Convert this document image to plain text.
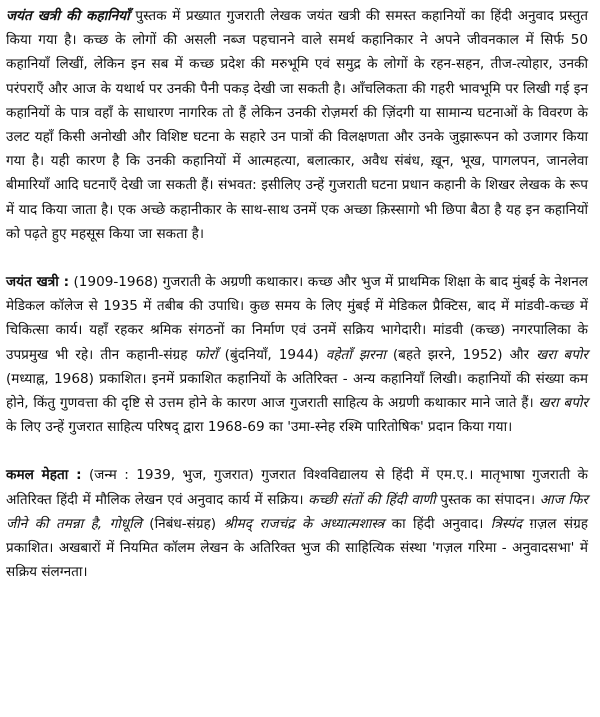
जयंत खत्री की कहानियाँ पुस्तक में प्रख्यात गुजराती लेखक जयंत खत्री की समस्त कहानियों का हिंदी अनुवाद प्रस्तुत किया गया है। कच्छ के लोगों की असली नब्ज पहचानने वाले समर्थ कहानिकार ने अपने जीवनकाल में सिर्फ 50 कहानियाँ लिखीं, लेकिन इन सब में कच्छ प्रदेश की मरुभूमि एवं समुद्र के लोगों के रहन-सहन, तीज-त्योहार, उनकी परंपराएँ और आज के यथार्थ पर उनकी पैनी पकड़ देखी जा सकती है। आँचलिकता की गहरी भावभूमि पर लिखी गई इन कहानियों के पात्र वहाँ के साधारण नागरिक तो हैं लेकिन उनकी रोज़मर्रा की ज़िंदगी या सामान्य घटनाओं के विवरण के उलट यहाँ किसी अनोखी और विशिष्ट घटना के सहारे उन पात्रों की विलक्षणता और उनके जुझारूपन को उजागर किया गया है। यही कारण है कि उनकी कहानियों में आत्महत्या, बलात्कार, अवैध संबंध, ख़ून, भूख, पागलपन, जानलेवा बीमारियाँ आदि घटनाएँ देखी जा सकती हैं। संभवत: इसीलिए उन्हें गुजराती घटना प्रधान कहानी के शिखर लेखक के रूप में याद किया जाता है। एक अच्छे कहानीकार के साथ-साथ उनमें एक अच्छा क़िस्सागो भी छिपा बैठा है यह इन कहानियों को पढ़ते हुए महसूस किया जा सकता है।

जयंत खत्री : (1909-1968) गुजराती के अग्रणी कथाकार। कच्छ और भुज में प्राथमिक शिक्षा के बाद मुंबई के नेशनल मेडिकल कॉलेज से 1935 में तबीब की उपाधि। कुछ समय के लिए मुंबई में मेडिकल प्रैक्टिस, बाद में मांडवी-कच्छ में चिकित्सा कार्य। यहाँ रहकर श्रमिक संगठनों का निर्माण एवं उनमें सक्रिय भागेदारी। मांडवी (कच्छ) नगरपालिका के उपप्रमुख भी रहे। तीन कहानी-संग्रह फोरॉं (बुंदनियाँ, 1944) वहेतॉं झरना (बहते झरने, 1952) और खरा बपोर (मध्याह्न, 1968) प्रकाशित। इनमें प्रकाशित कहानियों के अतिरिक्त - अन्य कहानियाँ लिखी। कहानियों की संख्या कम होने, किंतु गुणवत्ता की दृष्टि से उत्तम होने के कारण आज गुजराती साहित्य के अग्रणी कथाकार माने जाते हैं। खरा बपोर के लिए उन्हें गुजरात साहित्य परिषद् द्वारा 1968-69 का 'उमा-स्नेह रश्मि पारितोषिक' प्रदान किया गया।

कमल मेहता : (जन्म : 1939, भुज, गुजरात) गुजरात विश्वविद्यालय से हिंदी में एम.ए.। मातृभाषा गुजराती के अतिरिक्त हिंदी में मौलिक लेखन एवं अनुवाद कार्य में सक्रिय। कच्छी संतों की हिंदी वाणी पुस्तक का संपादन। आज फिर जीने की तमन्ना है, गोधूलि (निबंध-संग्रह) श्रीमद् राजचंद्र के अध्यात्मशास्त्र का हिंदी अनुवाद। त्रिस्पंद ग़ज़ल संग्रह प्रकाशित। अखबारों में नियमित कॉलम लेखन के अतिरिक्त भुज की साहित्यिक संस्था 'गज़ल गरिमा - अनुवादसभा' में सक्रिय संलग्नता।
